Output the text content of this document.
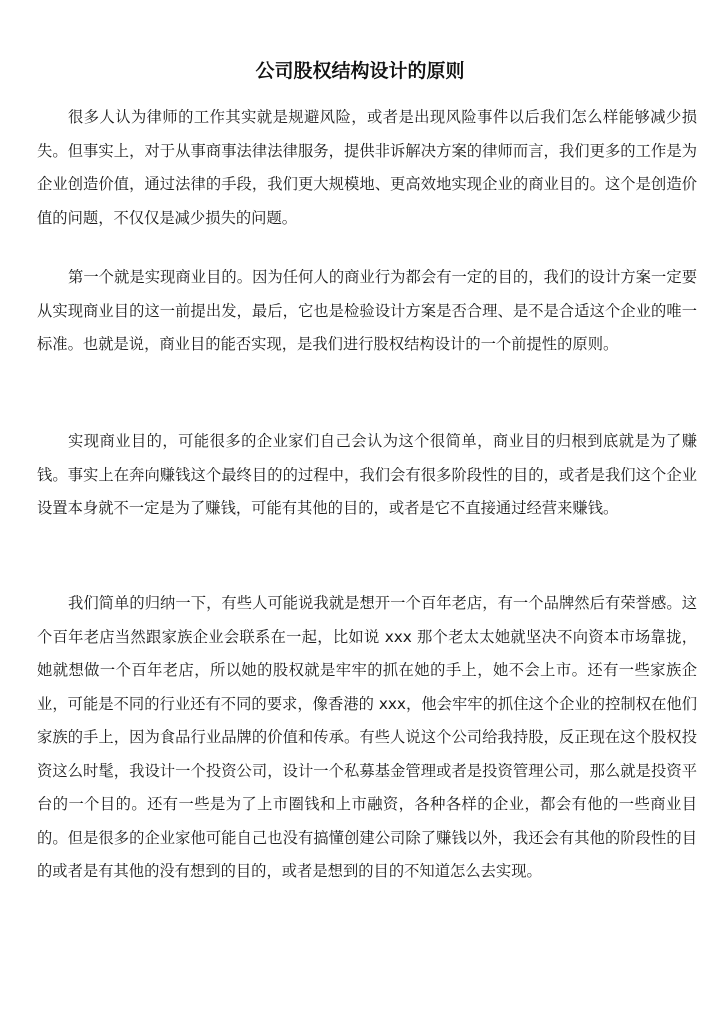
公司股权结构设计的原则

很多人认为律师的工作其实就是规避风险，或者是出现风险事件以后我们怎么样能够减少损失。但事实上，对于从事商事法律法律服务，提供非诉解决方案的律师而言，我们更多的工作是为企业创造价值，通过法律的手段，我们更大规模地、更高效地实现企业的商业目的。这个是创造价值的问题，不仅仅是减少损失的问题。

第一个就是实现商业目的。因为任何人的商业行为都会有一定的目的，我们的设计方案一定要从实现商业目的这一前提出发，最后，它也是检验设计方案是否合理、是不是合适这个企业的唯一标准。也就是说，商业目的能否实现，是我们进行股权结构设计的一个前提性的原则。

实现商业目的，可能很多的企业家们自己会认为这个很简单，商业目的归根到底就是为了赚钱。事实上在奔向赚钱这个最终目的的过程中，我们会有很多阶段性的目的，或者是我们这个企业设置本身就不一定是为了赚钱，可能有其他的目的，或者是它不直接通过经营来赚钱。

我们简单的归纳一下，有些人可能说我就是想开一个百年老店，有一个品牌然后有荣誉感。这个百年老店当然跟家族企业会联系在一起，比如说 xxx 那个老太太她就坚决不向资本市场靠拢，她就想做一个百年老店，所以她的股权就是牢牢的抓在她的手上，她不会上市。还有一些家族企业，可能是不同的行业还有不同的要求，像香港的 xxx，他会牢牢的抓住这个企业的控制权在他们家族的手上，因为食品行业品牌的价值和传承。有些人说这个公司给我持股，反正现在这个股权投资这么时髦，我设计一个投资公司，设计一个私募基金管理或者是投资管理公司，那么就是投资平台的一个目的。还有一些是为了上市圈钱和上市融资，各种各样的企业，都会有他的一些商业目的。但是很多的企业家他可能自己也没有搞懂创建公司除了赚钱以外，我还会有其他的阶段性的目的或者是有其他的没有想到的目的，或者是想到的目的不知道怎么去实现。
